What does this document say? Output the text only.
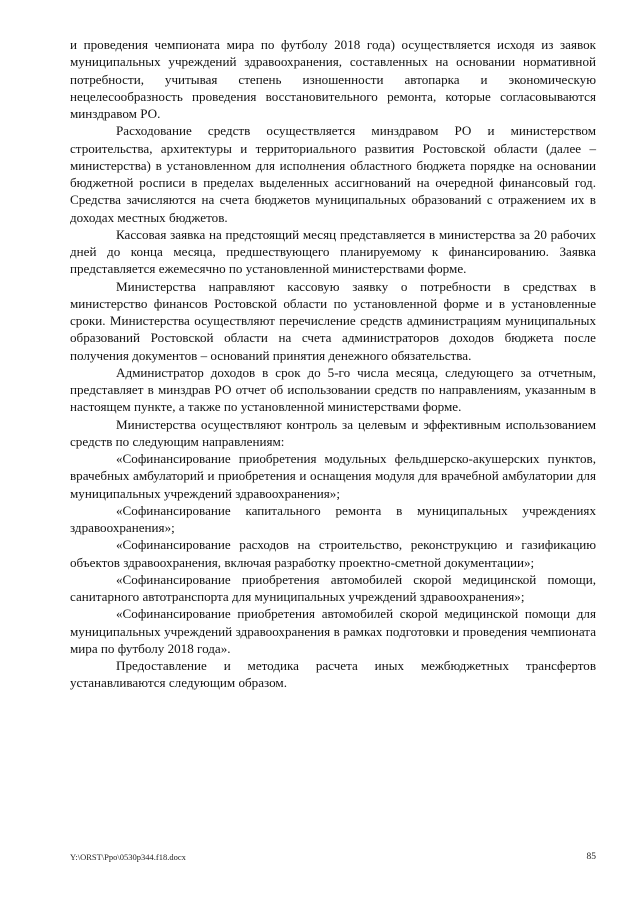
и проведения чемпионата мира по футболу 2018 года) осуществляется исходя из заявок муниципальных учреждений здравоохранения, составленных на основании нормативной потребности, учитывая степень изношенности автопарка и экономическую нецелесообразность проведения восстановительного ремонта, которые согласовываются минздравом РО.

Расходование средств осуществляется минздравом РО и министерством строительства, архитектуры и территориального развития Ростовской области (далее – министерства) в установленном для исполнения областного бюджета порядке на основании бюджетной росписи в пределах выделенных ассигнований на очередной финансовый год. Средства зачисляются на счета бюджетов муниципальных образований с отражением их в доходах местных бюджетов.

Кассовая заявка на предстоящий месяц представляется в министерства за 20 рабочих дней до конца месяца, предшествующего планируемому к финансированию. Заявка представляется ежемесячно по установленной министерствами форме.

Министерства направляют кассовую заявку о потребности в средствах в министерство финансов Ростовской области по установленной форме и в установленные сроки. Министерства осуществляют перечисление средств администрациям муниципальных образований Ростовской области на счета администраторов доходов бюджета после получения документов – оснований принятия денежного обязательства.

Администратор доходов в срок до 5-го числа месяца, следующего за отчетным, представляет в минздрав РО отчет об использовании средств по направлениям, указанным в настоящем пункте, а также по установленной министерствами форме.

Министерства осуществляют контроль за целевым и эффективным использованием средств по следующим направлениям:

«Софинансирование приобретения модульных фельдшерско-акушерских пунктов, врачебных амбулаторий и приобретения и оснащения модуля для врачебной амбулатории для муниципальных учреждений здравоохранения»;

«Софинансирование капитального ремонта в муниципальных учреждениях здравоохранения»;

«Софинансирование расходов на строительство, реконструкцию и газификацию объектов здравоохранения, включая разработку проектно-сметной документации»;

«Софинансирование приобретения автомобилей скорой медицинской помощи, санитарного автотранспорта для муниципальных учреждений здравоохранения»;

«Софинансирование приобретения автомобилей скорой медицинской помощи для муниципальных учреждений здравоохранения в рамках подготовки и проведения чемпионата мира по футболу 2018 года».

Предоставление и методика расчета иных межбюджетных трансфертов устанавливаются следующим образом.

Y:\ORST\Ppo\0530p344.f18.docx	85
